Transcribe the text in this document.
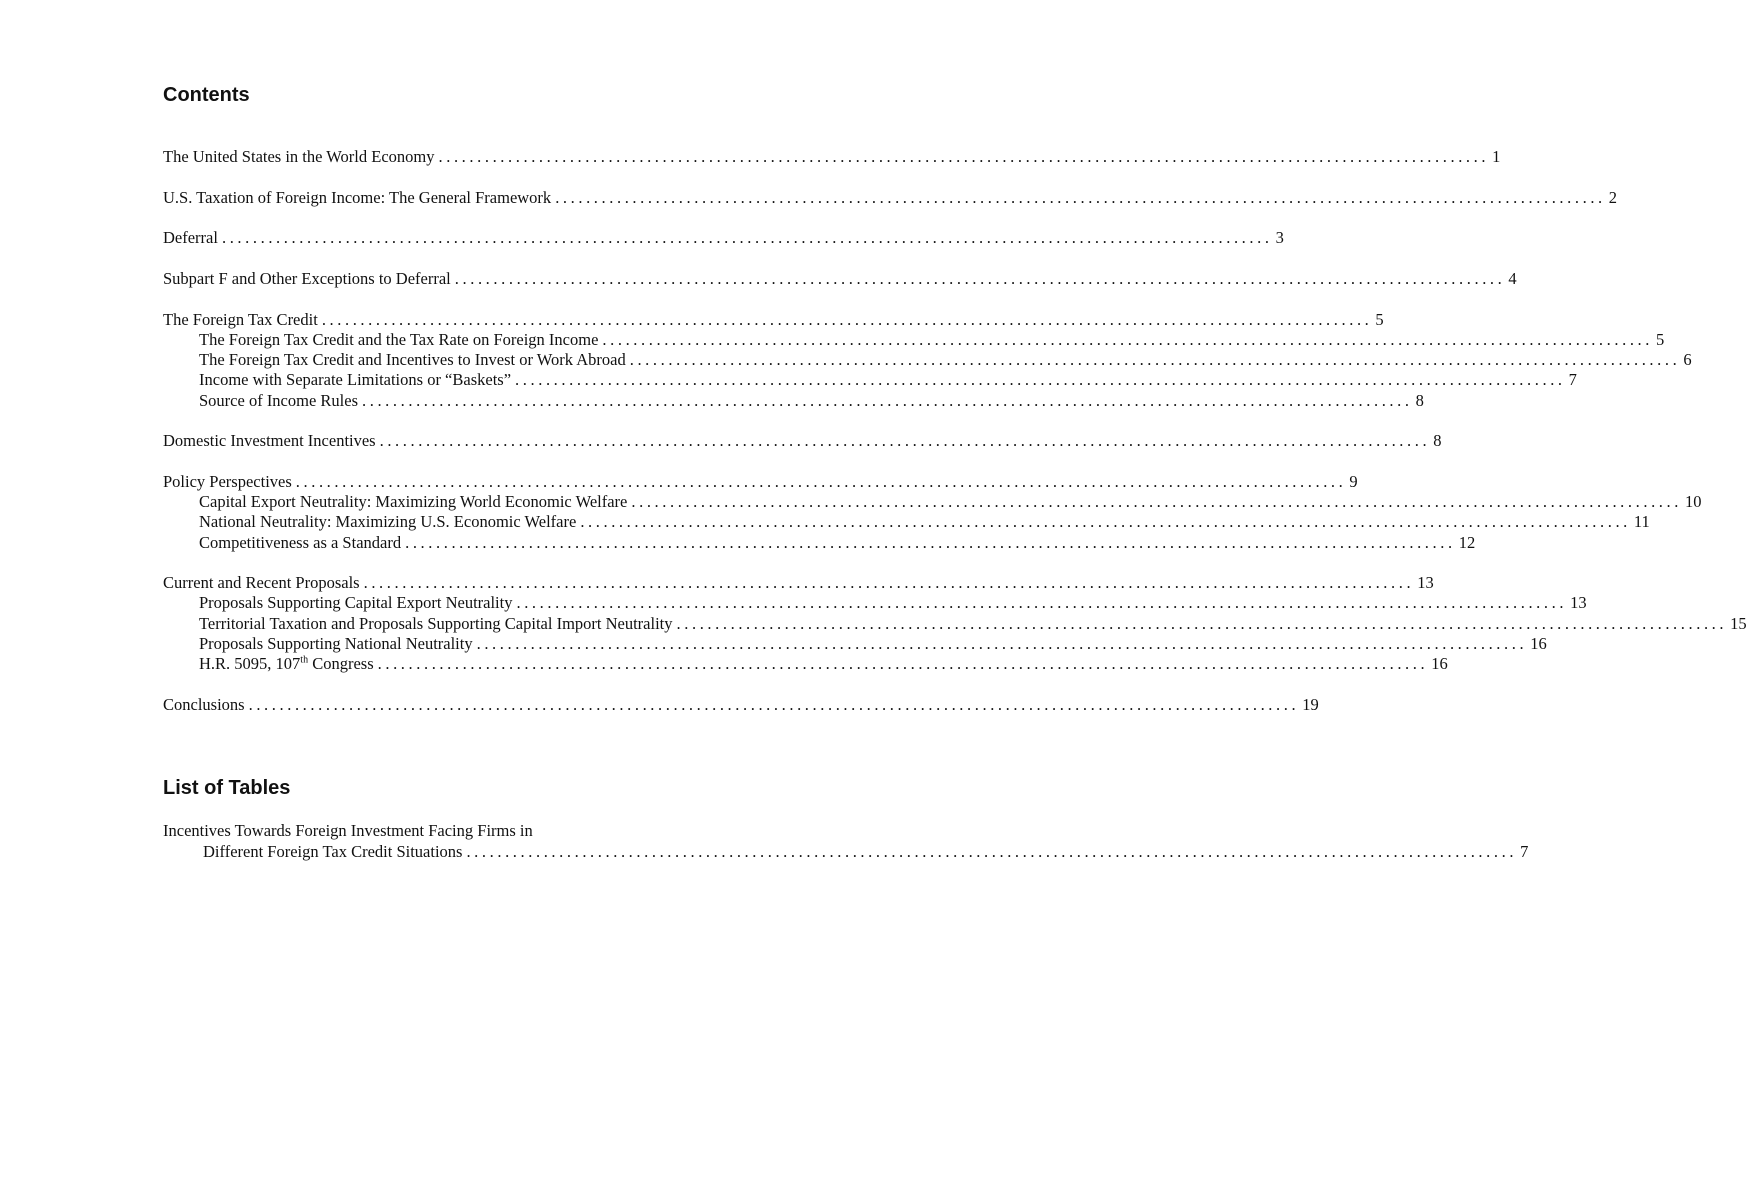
Contents
The United States in the World Economy ........................................................................................................................................ 1
U.S. Taxation of Foreign Income: The General Framework ........................................................................................................................................ 2
Deferral ........................................................................................................................................ 3
Subpart F and Other Exceptions to Deferral ........................................................................................................................................ 4
The Foreign Tax Credit ........................................................................................................................................ 5
The Foreign Tax Credit and the Tax Rate on Foreign Income ........................................................................................................................................ 5
The Foreign Tax Credit and Incentives to Invest or Work Abroad ........................................................................................................................................ 6
Income with Separate Limitations or “Baskets” ........................................................................................................................................ 7
Source of Income Rules ........................................................................................................................................ 8
Domestic Investment Incentives ........................................................................................................................................ 8
Policy Perspectives ........................................................................................................................................ 9
Capital Export Neutrality: Maximizing World Economic Welfare ........................................................................................................................................ 10
National Neutrality: Maximizing U.S. Economic Welfare ........................................................................................................................................ 11
Competitiveness as a Standard ........................................................................................................................................ 12
Current and Recent Proposals ........................................................................................................................................ 13
Proposals Supporting Capital Export Neutrality ........................................................................................................................................ 13
Territorial Taxation and Proposals Supporting Capital Import Neutrality ........................................................................................................................................ 15
Proposals Supporting National Neutrality ........................................................................................................................................ 16
H.R. 5095, 107th Congress ........................................................................................................................................ 16
Conclusions ........................................................................................................................................ 19
List of Tables
Incentives Towards Foreign Investment Facing Firms in
Different Foreign Tax Credit Situations ........................................................................................................................................ 7
